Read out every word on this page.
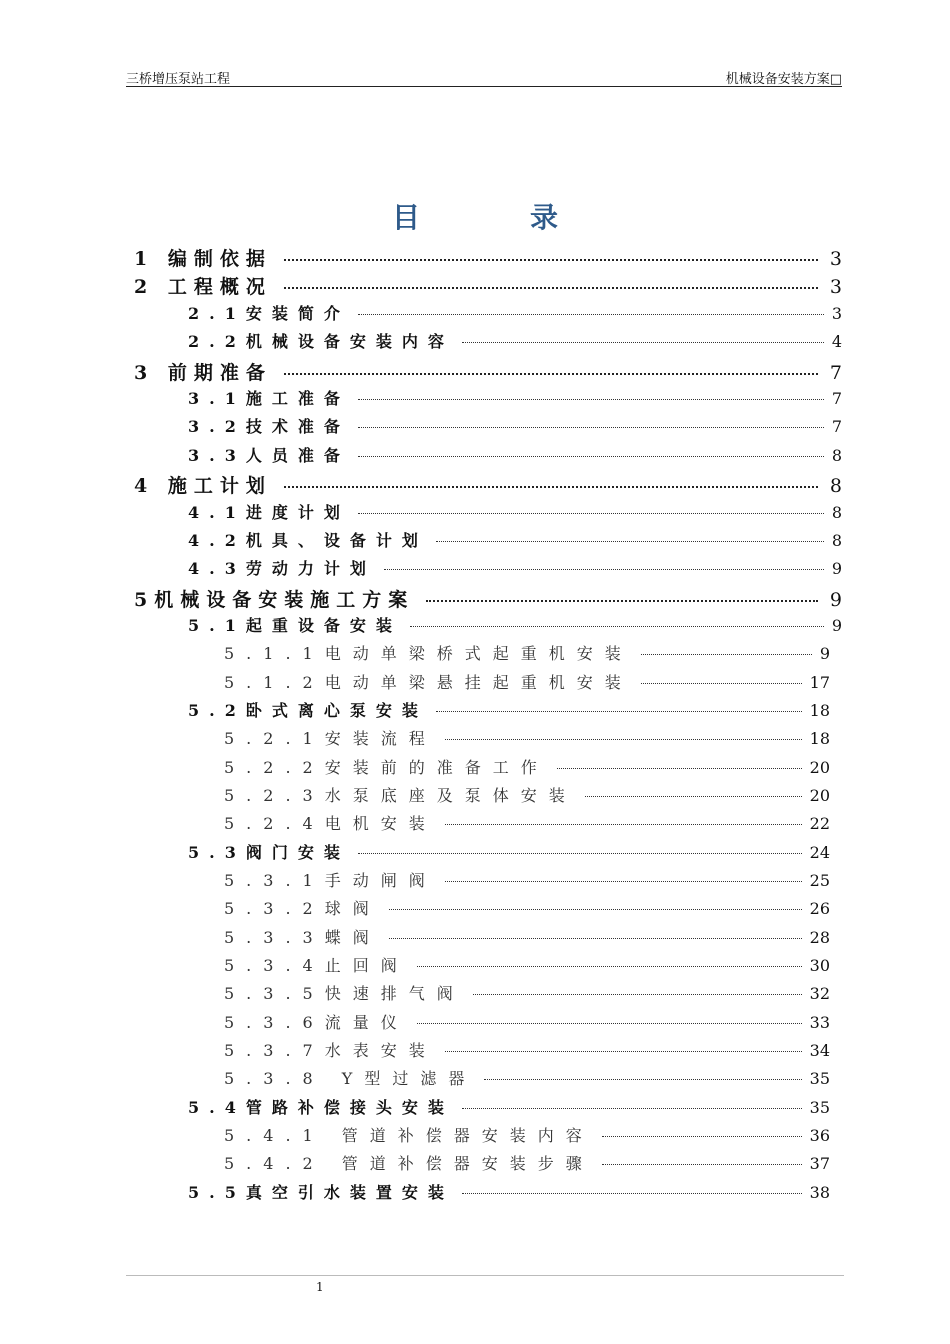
三桥增压泵站工程	机械设备安装方案□
目录
1 编制依据	3
2 工程概况	3
2.1安装简介	3
2.2机械设备安装内容	4
3 前期准备	7
3.1施工准备	7
3.2技术准备	7
3.3人员准备	8
4 施工计划	8
4.1进度计划	8
4.2机具、设备计划	8
4.3劳动力计划	9
5机械设备安装施工方案	9
5.1起重设备安装	9
5.1.1电动单梁桥式起重机安装	9
5.1.2电动单梁悬挂起重机安装	17
5.2卧式离心泵安装	18
5.2.1安装流程	18
5.2.2安装前的准备工作	20
5.2.3水泵底座及泵体安装	20
5.2.4电机安装	22
5.3阀门安装	24
5.3.1手动闸阀	25
5.3.2球阀	26
5.3.3蝶阀	28
5.3.4止回阀	30
5.3.5快速排气阀	32
5.3.6流量仪	33
5.3.7水表安装	34
5.3.8 Y型过滤器	35
5.4管路补偿接头安装	35
5.4.1 管道补偿器安装内容	36
5.4.2 管道补偿器安装步骤	37
5.5真空引水装置安装	38
1
